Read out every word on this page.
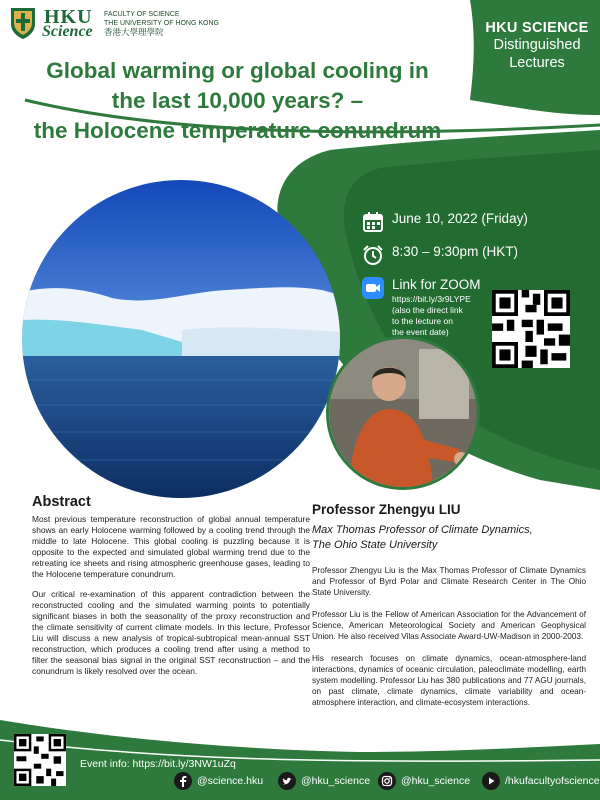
HKU
Science
FACULTY OF SCIENCE
THE UNIVERSITY OF HONG KONG
香港大學理學院	HKU SCIENCE
Distinguished
Lectures
Global warming or global cooling in
the last 10,000 years? –
the Holocene temperature conundrum
June 10, 2022 (Friday)
8:30 – 9:30pm (HKT)
Link for ZOOM
https://bit.ly/3r9LYPE
(also the direct link
to the lecture on
the event date)
Abstract

Most previous temperature reconstruction of global annual temperature shows an early Holocene warming followed by a cooling trend through the middle to late Holocene. This global cooling is puzzling because it is opposite to the expected and simulated global warming trend due to the retreating ice sheets and rising atmospheric greenhouse gases, leading to the Holocene temperature conundrum.

Our critical re-examination of this apparent contradiction between the reconstructed cooling and the simulated warming points to potentially significant biases in both the seasonality of the proxy reconstruction and the climate sensitivity of current climate models. In this lecture, Professor Liu will discuss a new analysis of tropical-subtropical mean-annual SST reconstruction, which produces a cooling trend after using a method to filter the seasonal bias signal in the original SST reconstruction – and the conundrum is likely resolved over the ocean.

Professor Zhengyu LIU
Max Thomas Professor of Climate Dynamics,
The Ohio State University

Professor Zhengyu Liu is the Max Thomas Professor of Climate Dynamics and Professor of Byrd Polar and Climate Research Center in The Ohio State University.

Professor Liu is the Fellow of American Association for the Advancement of Science, American Meteorological Society and American Geophysical Union. He also received Vilas Associate Award-UW-Madison in 2000-2003.

His research focuses on climate dynamics, ocean-atmosphere-land interactions, dynamics of oceanic circulation, paleoclimate modelling, earth system modelling. Professor Liu has 380 publications and 77 AGU journals, on past climate, climate dynamics, climate variability and ocean-atmosphere interaction, and climate-ecosystem interactions.

Event info: https://bit.ly/3NW1uZq
@science.hku	@hku_science	@hku_science	/hkufacultyofscience
